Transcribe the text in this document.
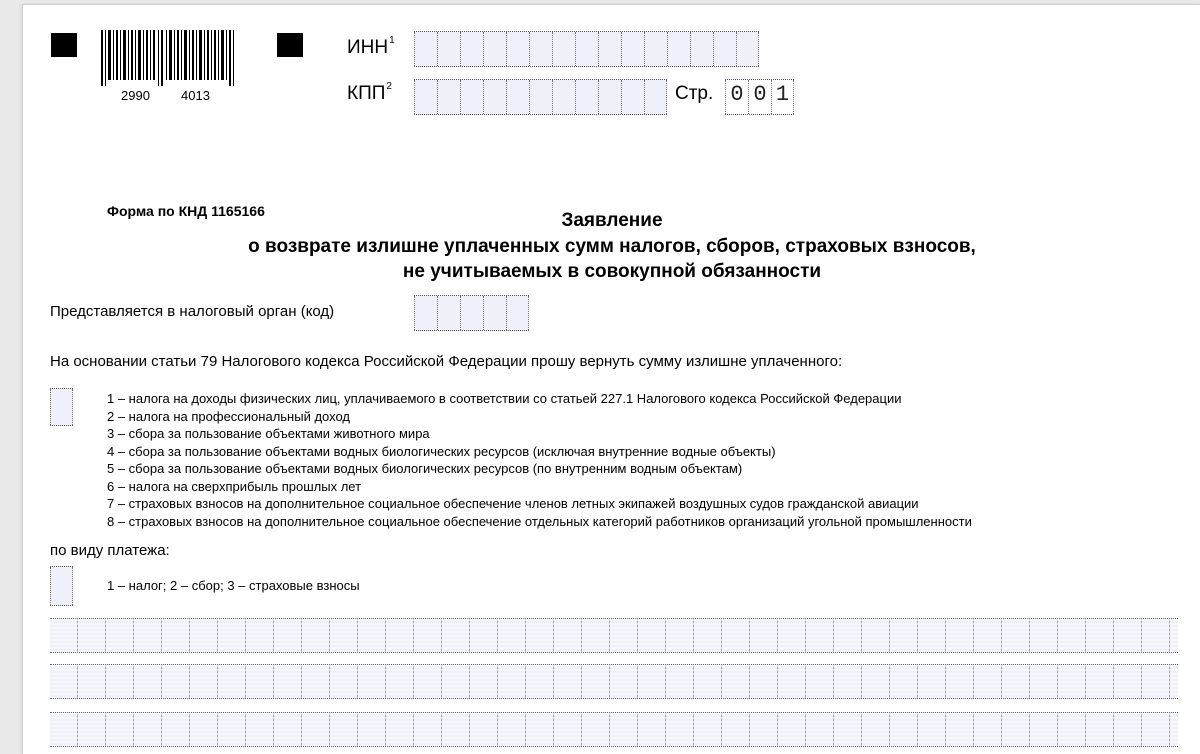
2990 4013
ИНН$^1$
КПП$^2$	Стр. 0 0 1
Форма по КНД 1165166	Заявление
о возврате излишне уплаченных сумм налогов, сборов, страховых взносов,
не учитываемых в совокупной обязанности
Представляется в налоговый орган (код)
На основании статьи 79 Налогового кодекса Российской Федерации прошу вернуть сумму излишне уплаченного:
1 – налога на доходы физических лиц, уплачиваемого в соответствии со статьей 227.1 Налогового кодекса Российской Федерации
2 – налога на профессиональный доход
3 – сбора за пользование объектами животного мира
4 – сбора за пользование объектами водных биологических ресурсов (исключая внутренние водные объекты)
5 – сбора за пользование объектами водных биологических ресурсов (по внутренним водным объектам)
6 – налога на сверхприбыль прошлых лет
7 – страховых взносов на дополнительное социальное обеспечение членов летных экипажей воздушных судов гражданской авиации
8 – страховых взносов на дополнительное социальное обеспечение отдельных категорий работников организаций угольной промышленности
по виду платежа:
1 – налог; 2 – сбор; 3 – страховые взносы
